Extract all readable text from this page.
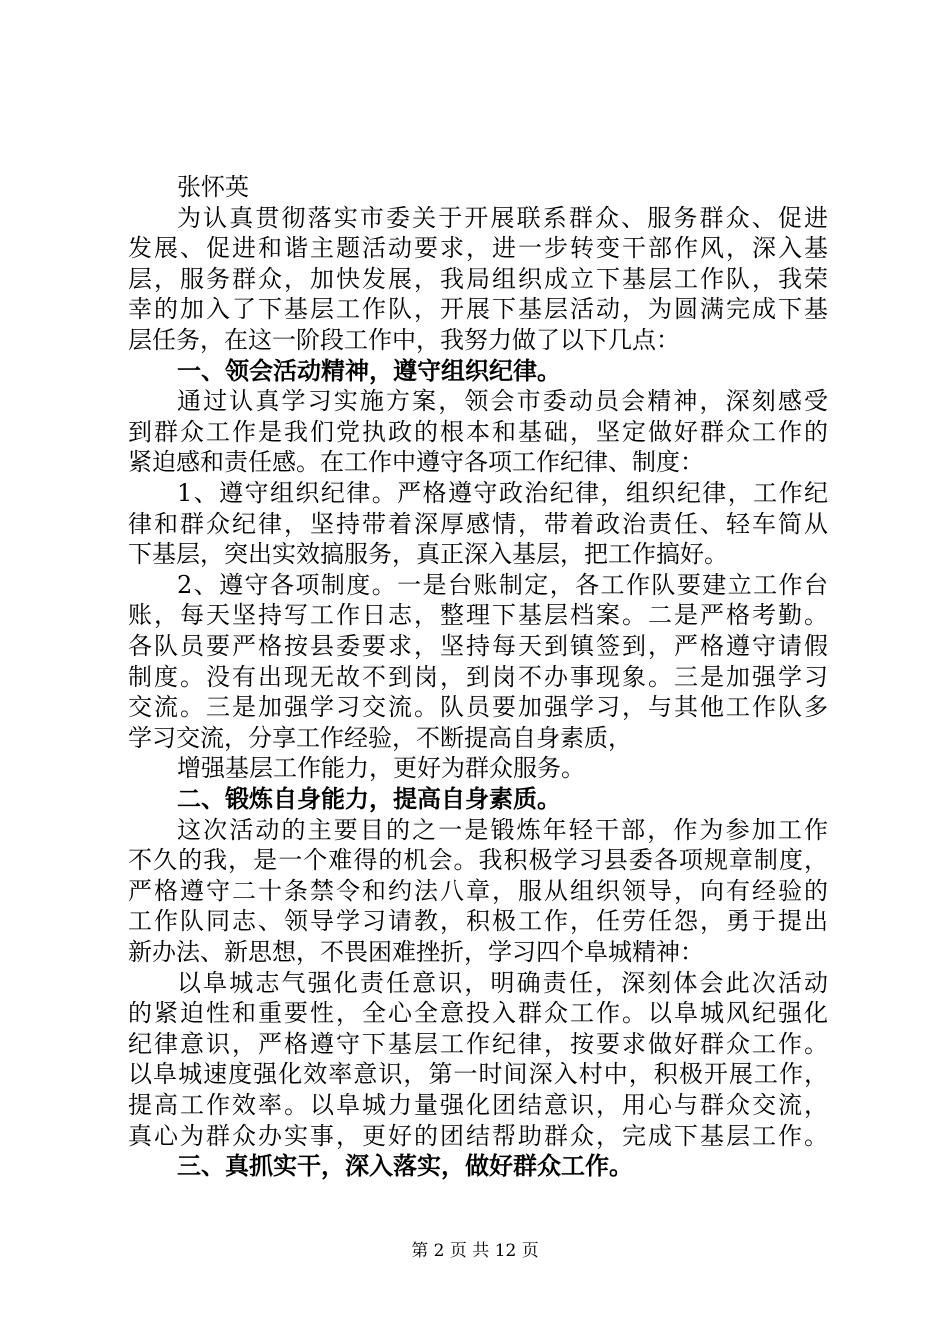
张怀英
为认真贯彻落实市委关于开展联系群众、服务群众、促进
发展、促进和谐主题活动要求，进一步转变干部作风，深入基
层，服务群众，加快发展，我局组织成立下基层工作队，我荣
幸的加入了下基层工作队，开展下基层活动，为圆满完成下基
层任务，在这一阶段工作中，我努力做了以下几点：
一、领会活动精神，遵守组织纪律。
通过认真学习实施方案，领会市委动员会精神，深刻感受
到群众工作是我们党执政的根本和基础，坚定做好群众工作的
紧迫感和责任感。在工作中遵守各项工作纪律、制度：
1、遵守组织纪律。严格遵守政治纪律，组织纪律，工作纪
律和群众纪律，坚持带着深厚感情，带着政治责任、轻车简从
下基层，突出实效搞服务，真正深入基层，把工作搞好。
2、遵守各项制度。一是台账制定，各工作队要建立工作台
账，每天坚持写工作日志，整理下基层档案。二是严格考勤。
各队员要严格按县委要求，坚持每天到镇签到，严格遵守请假
制度。没有出现无故不到岗，到岗不办事现象。三是加强学习
交流。三是加强学习交流。队员要加强学习，与其他工作队多
学习交流，分享工作经验，不断提高自身素质，
增强基层工作能力，更好为群众服务。
二、锻炼自身能力，提高自身素质。
这次活动的主要目的之一是锻炼年轻干部，作为参加工作
不久的我，是一个难得的机会。我积极学习县委各项规章制度，
严格遵守二十条禁令和约法八章，服从组织领导，向有经验的
工作队同志、领导学习请教，积极工作，任劳任怨，勇于提出
新办法、新思想，不畏困难挫折，学习四个阜城精神：
以阜城志气强化责任意识，明确责任，深刻体会此次活动
的紧迫性和重要性，全心全意投入群众工作。以阜城风纪强化
纪律意识，严格遵守下基层工作纪律，按要求做好群众工作。
以阜城速度强化效率意识，第一时间深入村中，积极开展工作，
提高工作效率。以阜城力量强化团结意识，用心与群众交流，
真心为群众办实事，更好的团结帮助群众，完成下基层工作。
三、真抓实干，深入落实，做好群众工作。
第 2 页 共 12 页
